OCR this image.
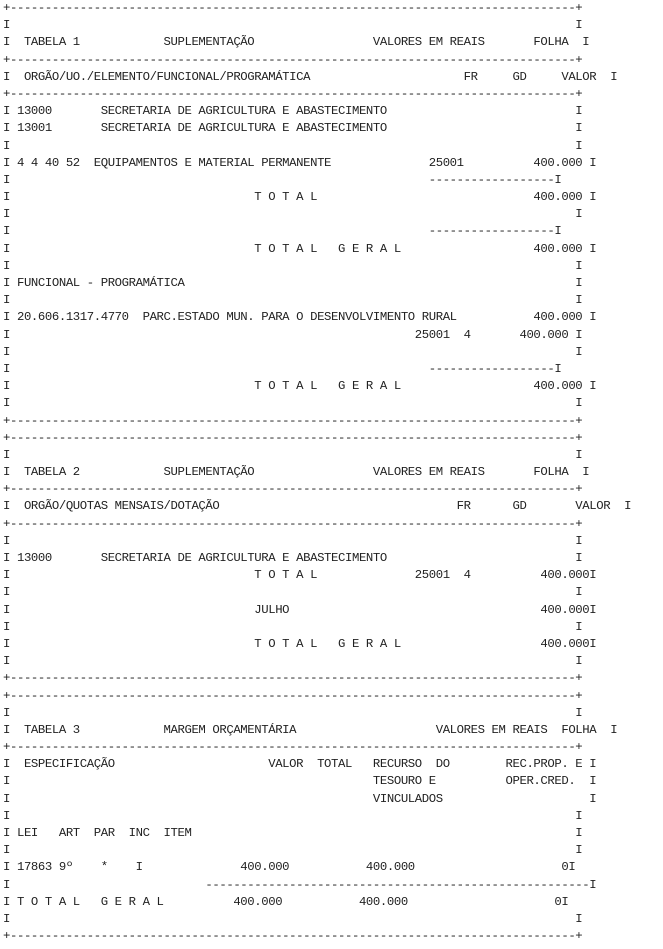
+---------------------------------------------------------------------------------+
I                                                                                 I
I  TABELA 1            SUPLEMENTAÇÃO                 VALORES EM REAIS       FOLHA  I
+---------------------------------------------------------------------------------+
I  ORGÃO/UO./ELEMENTO/FUNCIONAL/PROGRAMÁTICA                      FR     GD     VALOR  I
+---------------------------------------------------------------------------------+
I 13000       SECRETARIA DE AGRICULTURA E ABASTECIMENTO                           I
I 13001       SECRETARIA DE AGRICULTURA E ABASTECIMENTO                           I
I                                                                                 I
I 4 4 40 52  EQUIPAMENTOS E MATERIAL PERMANENTE              25001          400.000 I
I                                                            ------------------I
I                                   T O T A L                               400.000 I
I                                                                                 I
I                                                            ------------------I
I                                   T O T A L   G E R A L                   400.000 I
I                                                                                 I
I FUNCIONAL - PROGRAMÁTICA                                                        I
I                                                                                 I
I 20.606.1317.4770  PARC.ESTADO MUN. PARA O DESENVOLVIMENTO RURAL           400.000 I
I                                                          25001  4       400.000 I
I                                                                                 I
I                                                            ------------------I
I                                   T O T A L   G E R A L                   400.000 I
I                                                                                 I
+---------------------------------------------------------------------------------+
+---------------------------------------------------------------------------------+
I                                                                                 I
I  TABELA 2            SUPLEMENTAÇÃO                 VALORES EM REAIS       FOLHA  I
+---------------------------------------------------------------------------------+
I  ORGÃO/QUOTAS MENSAIS/DOTAÇÃO                                  FR      GD       VALOR  I
+---------------------------------------------------------------------------------+
I                                                                                 I
I 13000       SECRETARIA DE AGRICULTURA E ABASTECIMENTO                           I
I                                   T O T A L              25001  4          400.000I
I                                                                                 I
I                                   JULHO                                    400.000I
I                                                                                 I
I                                   T O T A L   G E R A L                    400.000I
I                                                                                 I
+---------------------------------------------------------------------------------+
+---------------------------------------------------------------------------------+
I                                                                                 I
I  TABELA 3            MARGEM ORÇAMENTÁRIA                    VALORES EM REAIS  FOLHA  I
+---------------------------------------------------------------------------------+
I  ESPECIFICAÇÃO                      VALOR  TOTAL   RECURSO  DO        REC.PROP. E I
I                                                    TESOURO E          OPER.CRED.  I
I                                                    VINCULADOS                     I
I                                                                                 I
I LEI   ART  PAR  INC  ITEM                                                       I
I                                                                                 I
I 17863 9º    *    I              400.000           400.000                     0I
I                            -------------------------------------------------------I
I T O T A L   G E R A L          400.000           400.000                     0I
I                                                                                 I
+---------------------------------------------------------------------------------+
